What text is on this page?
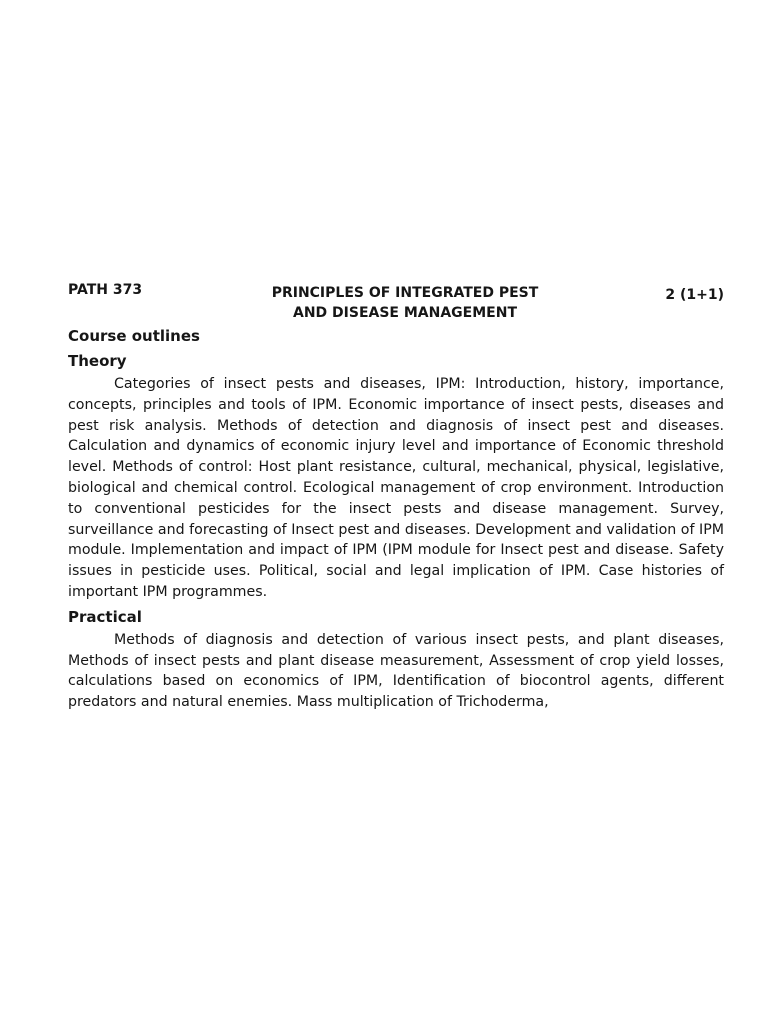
PATH 373	PRINCIPLES OF INTEGRATED PEST
AND DISEASE MANAGEMENT
2 (1+1)
Course outlines
Theory

Categories of insect pests and diseases, IPM: Introduction, history, importance, concepts, principles and tools of IPM. Economic importance of insect pests, diseases and pest risk analysis. Methods of detection and diagnosis of insect pest and diseases. Calculation and dynamics of economic injury level and importance of Economic threshold level. Methods of control: Host plant resistance, cultural, mechanical, physical, legislative, biological and chemical control. Ecological management of crop environment. Introduction to conventional pesticides for the insect pests and disease management. Survey, surveillance and forecasting of Insect pest and diseases. Development and validation of IPM module. Implementation and impact of IPM (IPM module for Insect pest and disease. Safety issues in pesticide uses. Political, social and legal implication of IPM. Case histories of important IPM programmes.

Practical

Methods of diagnosis and detection of various insect pests, and plant diseases, Methods of insect pests and plant disease measurement, Assessment of crop yield losses, calculations based on economics of IPM, Identification of biocontrol agents, different predators and natural enemies. Mass multiplication of Trichoderma,
